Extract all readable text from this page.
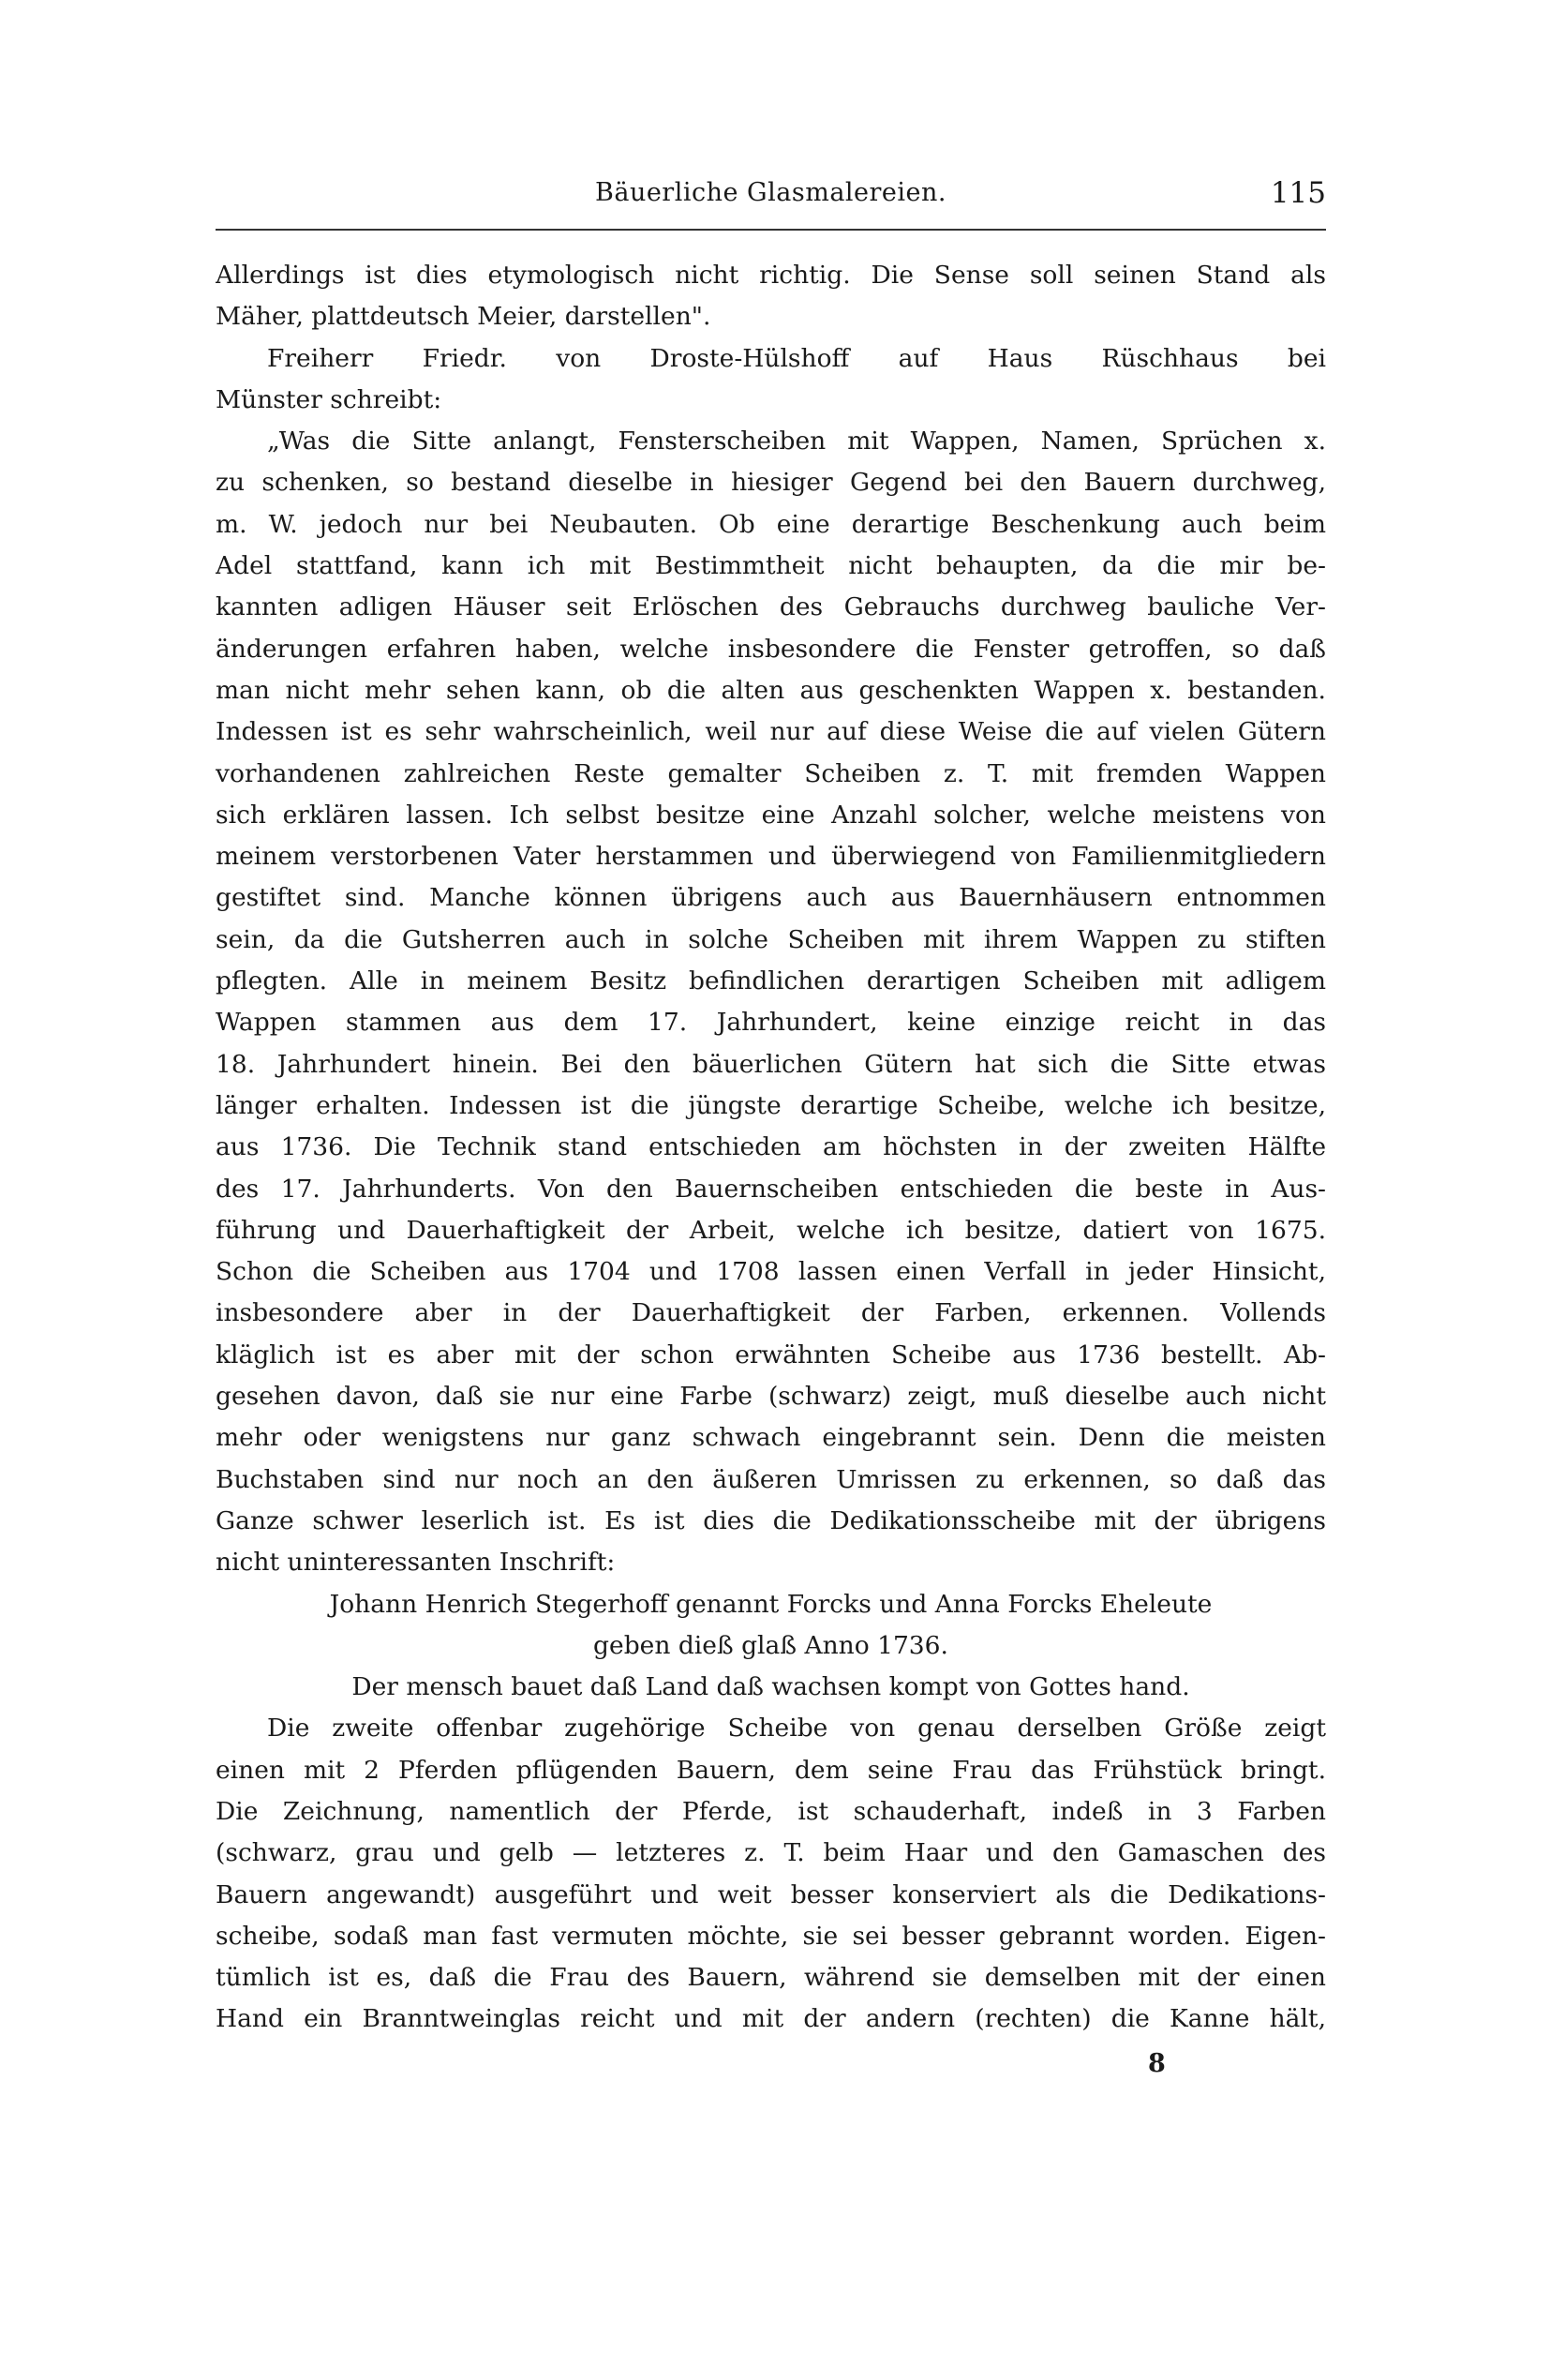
Bäuerliche Glasmalereien.	115
Allerdings ist dies etymologisch nicht richtig. Die Sense soll seinen Stand als
Mäher, plattdeutsch Meier, darstellen".
Freiherr Friedr. von Droste-Hülshoff auf Haus Rüschhaus bei
Münster schreibt:
„Was die Sitte anlangt, Fensterscheiben mit Wappen, Namen, Sprüchen x.
zu schenken, so bestand dieselbe in hiesiger Gegend bei den Bauern durchweg,
m. W. jedoch nur bei Neubauten. Ob eine derartige Beschenkung auch beim
Adel stattfand, kann ich mit Bestimmtheit nicht behaupten, da die mir be-
kannten adligen Häuser seit Erlöschen des Gebrauchs durchweg bauliche Ver-
änderungen erfahren haben, welche insbesondere die Fenster getroffen, so daß
man nicht mehr sehen kann, ob die alten aus geschenkten Wappen x. bestanden.
Indessen ist es sehr wahrscheinlich, weil nur auf diese Weise die auf vielen Gütern
vorhandenen zahlreichen Reste gemalter Scheiben z. T. mit fremden Wappen
sich erklären lassen. Ich selbst besitze eine Anzahl solcher, welche meistens von
meinem verstorbenen Vater herstammen und überwiegend von Familienmitgliedern
gestiftet sind. Manche können übrigens auch aus Bauernhäusern entnommen
sein, da die Gutsherren auch in solche Scheiben mit ihrem Wappen zu stiften
pflegten. Alle in meinem Besitz befindlichen derartigen Scheiben mit adligem
Wappen stammen aus dem 17. Jahrhundert, keine einzige reicht in das
18. Jahrhundert hinein. Bei den bäuerlichen Gütern hat sich die Sitte etwas
länger erhalten. Indessen ist die jüngste derartige Scheibe, welche ich besitze,
aus 1736. Die Technik stand entschieden am höchsten in der zweiten Hälfte
des 17. Jahrhunderts. Von den Bauernscheiben entschieden die beste in Aus-
führung und Dauerhaftigkeit der Arbeit, welche ich besitze, datiert von 1675.
Schon die Scheiben aus 1704 und 1708 lassen einen Verfall in jeder Hinsicht,
insbesondere aber in der Dauerhaftigkeit der Farben, erkennen. Vollends
kläglich ist es aber mit der schon erwähnten Scheibe aus 1736 bestellt. Ab-
gesehen davon, daß sie nur eine Farbe (schwarz) zeigt, muß dieselbe auch nicht
mehr oder wenigstens nur ganz schwach eingebrannt sein. Denn die meisten
Buchstaben sind nur noch an den äußeren Umrissen zu erkennen, so daß das
Ganze schwer leserlich ist. Es ist dies die Dedikationsscheibe mit der übrigens
nicht uninteressanten Inschrift:
Johann Henrich Stegerhoff genannt Forcks und Anna Forcks Eheleute
geben dieß glaß Anno 1736.
Der mensch bauet daß Land daß wachsen kompt von Gottes hand.
Die zweite offenbar zugehörige Scheibe von genau derselben Größe zeigt
einen mit 2 Pferden pflügenden Bauern, dem seine Frau das Frühstück bringt.
Die Zeichnung, namentlich der Pferde, ist schauderhaft, indeß in 3 Farben
(schwarz, grau und gelb — letzteres z. T. beim Haar und den Gamaschen des
Bauern angewandt) ausgeführt und weit besser konserviert als die Dedikations-
scheibe, sodaß man fast vermuten möchte, sie sei besser gebrannt worden. Eigen-
tümlich ist es, daß die Frau des Bauern, während sie demselben mit der einen
Hand ein Branntweinglas reicht und mit der andern (rechten) die Kanne hält,
8
